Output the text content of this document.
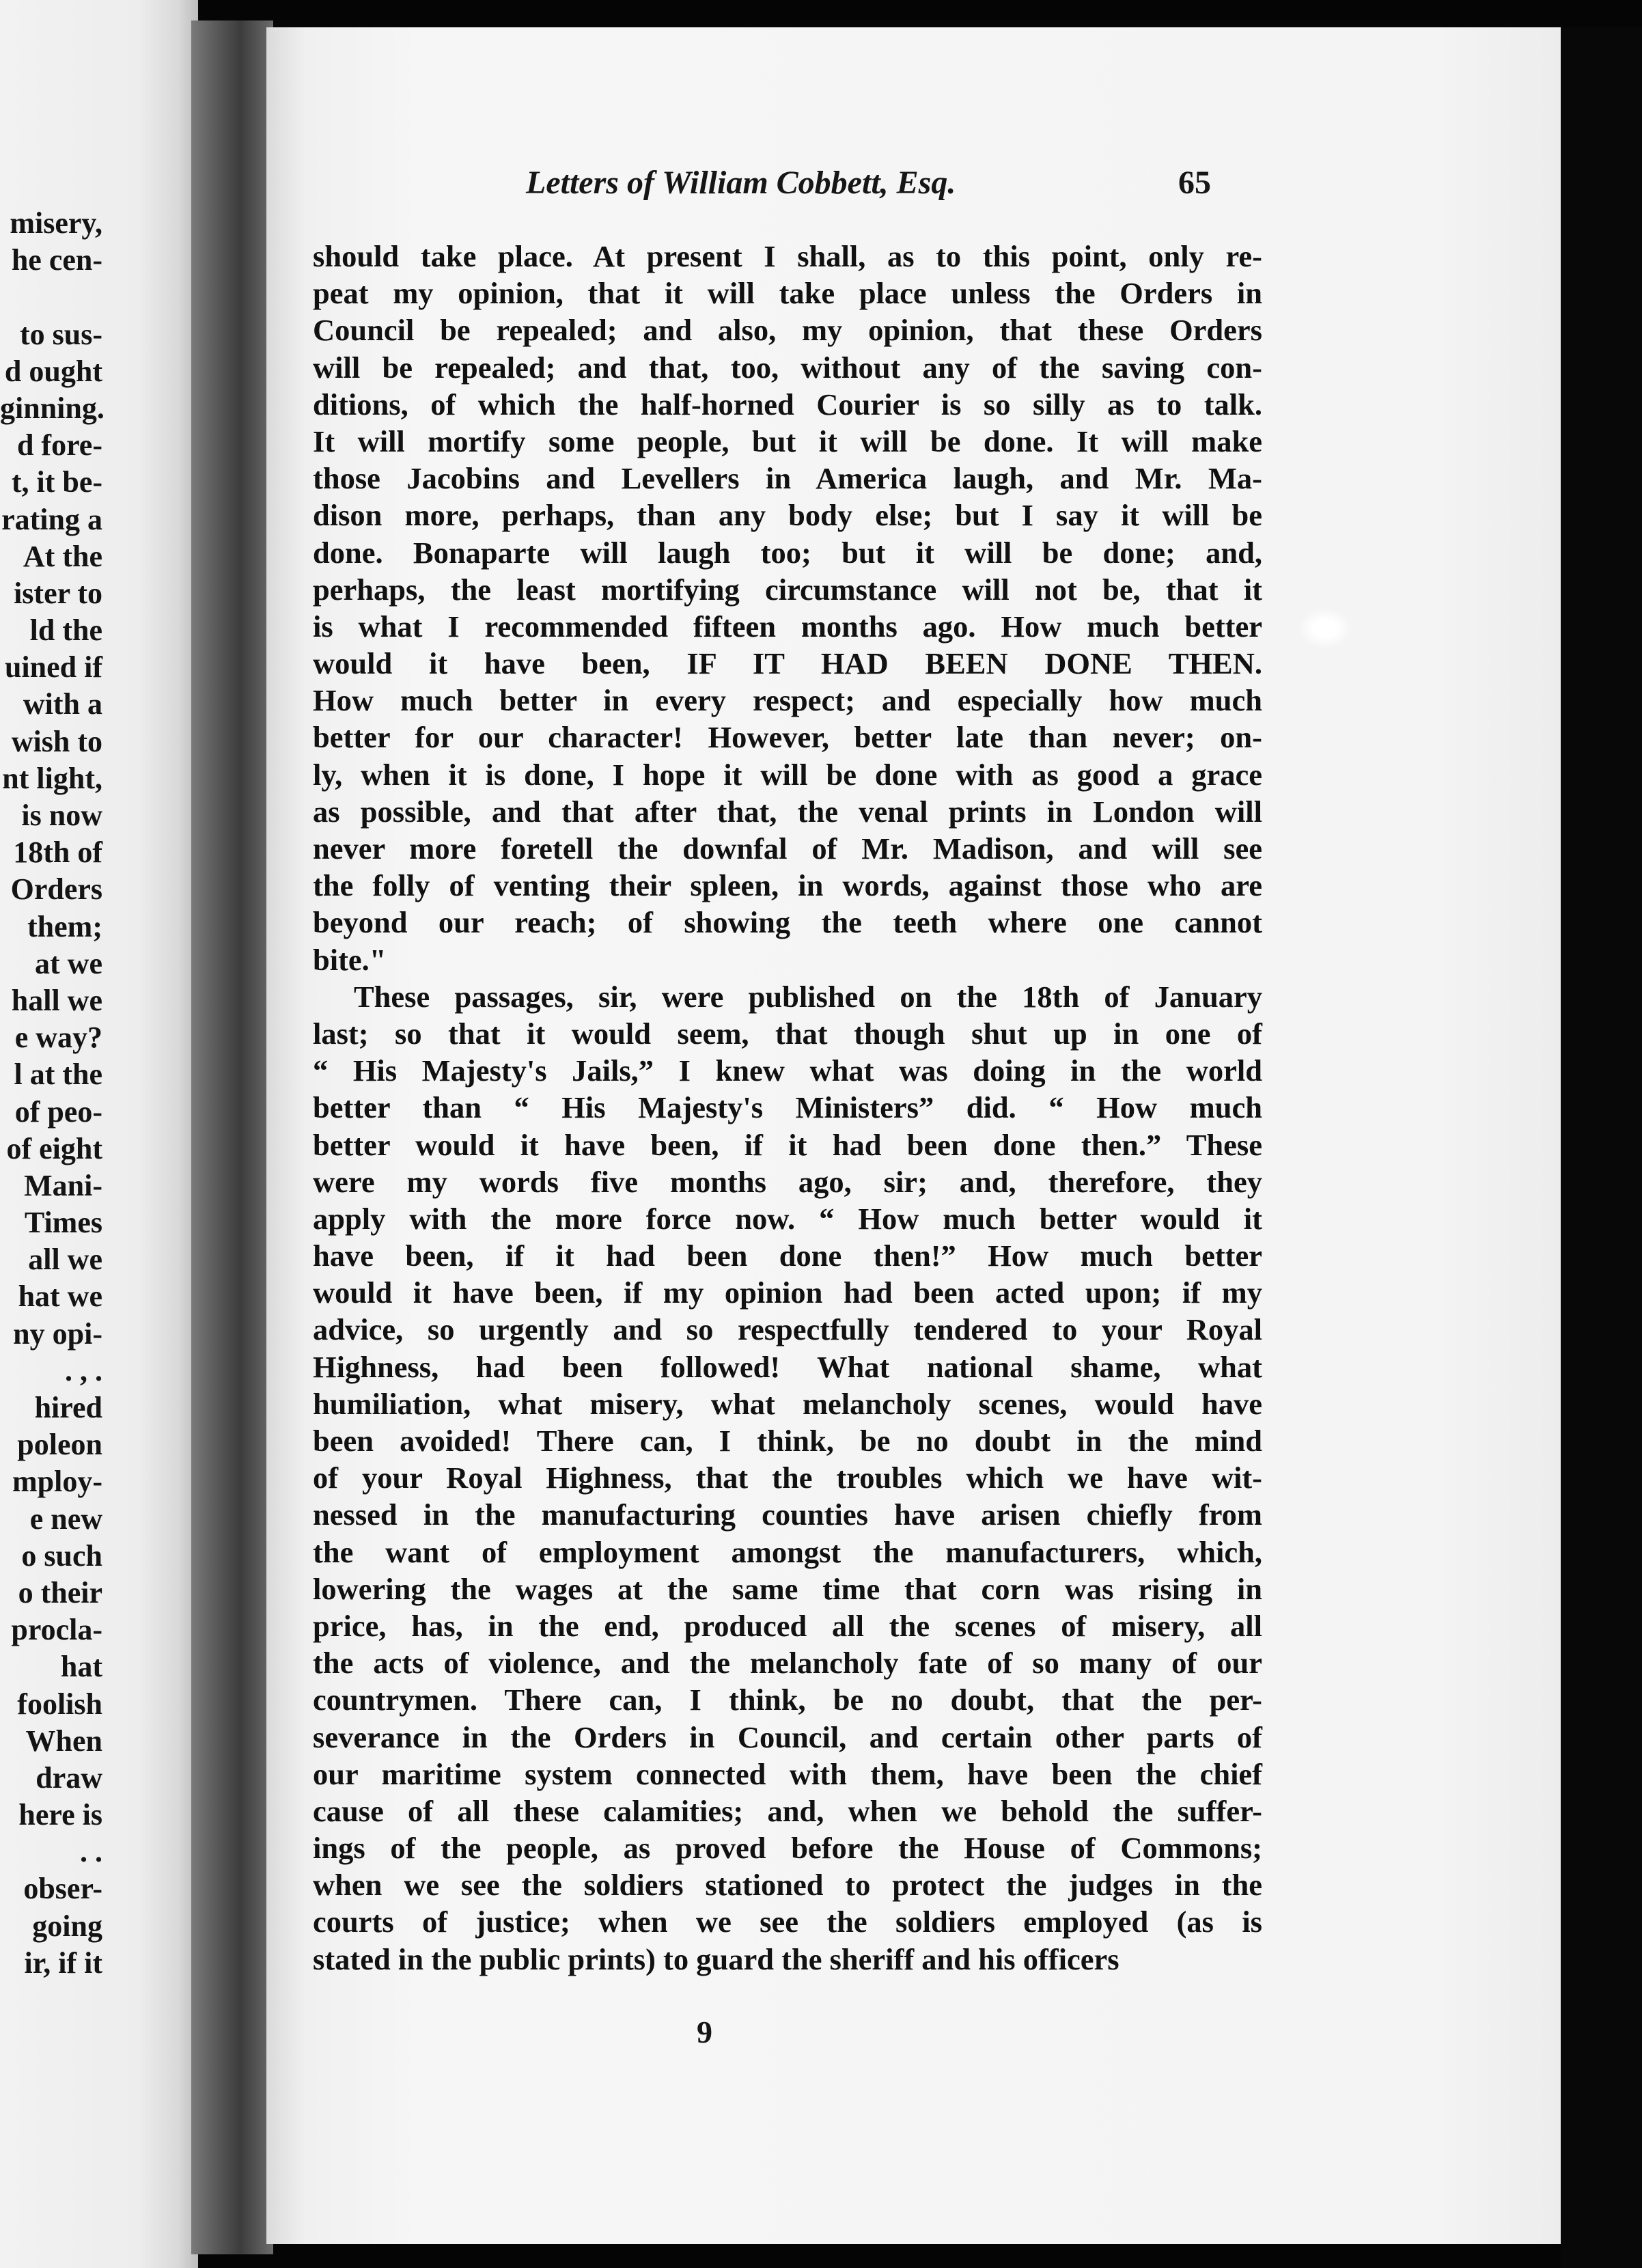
misery,
he cen-
to sus-
d ought
ginning.
d fore-
t, it be-
rating a
At the
ister to
ld the
uined if
with a
wish to
nt light,
is now
18th of
Orders
them;
at we
hall we
e way?
l at the
of peo-
of eight
Mani-
Times
all we
hat we
ny opi-
. , .
hired
poleon
mploy-
e new
o such
o their
procla-
hat
foolish
When
draw
here is
. .
obser-
going
ir, if it
Letters of William Cobbett, Esq.	65
should take place. At present I shall, as to this point, only re-
peat my opinion, that it will take place unless the Orders in
Council be repealed; and also, my opinion, that these Orders
will be repealed; and that, too, without any of the saving con-
ditions, of which the half-horned Courier is so silly as to talk.
It will mortify some people, but it will be done. It will make
those Jacobins and Levellers in America laugh, and Mr. Ma-
dison more, perhaps, than any body else; but I say it will be
done. Bonaparte will laugh too; but it will be done; and,
perhaps, the least mortifying circumstance will not be, that it
is what I recommended fifteen months ago. How much better
would it have been, IF IT HAD BEEN DONE THEN.
How much better in every respect; and especially how much
better for our character! However, better late than never; on-
ly, when it is done, I hope it will be done with as good a grace
as possible, and that after that, the venal prints in London will
never more foretell the downfal of Mr. Madison, and will see
the folly of venting their spleen, in words, against those who are
beyond our reach; of showing the teeth where one cannot
bite."
These passages, sir, were published on the 18th of January
last; so that it would seem, that though shut up in one of
“ His Majesty's Jails,” I knew what was doing in the world
better than “ His Majesty's Ministers” did. “ How much
better would it have been, if it had been done then.” These
were my words five months ago, sir; and, therefore, they
apply with the more force now. “ How much better would it
have been, if it had been done then!” How much better
would it have been, if my opinion had been acted upon; if my
advice, so urgently and so respectfully tendered to your Royal
Highness, had been followed! What national shame, what
humiliation, what misery, what melancholy scenes, would have
been avoided! There can, I think, be no doubt in the mind
of your Royal Highness, that the troubles which we have wit-
nessed in the manufacturing counties have arisen chiefly from
the want of employment amongst the manufacturers, which,
lowering the wages at the same time that corn was rising in
price, has, in the end, produced all the scenes of misery, all
the acts of violence, and the melancholy fate of so many of our
countrymen. There can, I think, be no doubt, that the per-
severance in the Orders in Council, and certain other parts of
our maritime system connected with them, have been the chief
cause of all these calamities; and, when we behold the suffer-
ings of the people, as proved before the House of Commons;
when we see the soldiers stationed to protect the judges in the
courts of justice; when we see the soldiers employed (as is
stated in the public prints) to guard the sheriff and his officers
9
